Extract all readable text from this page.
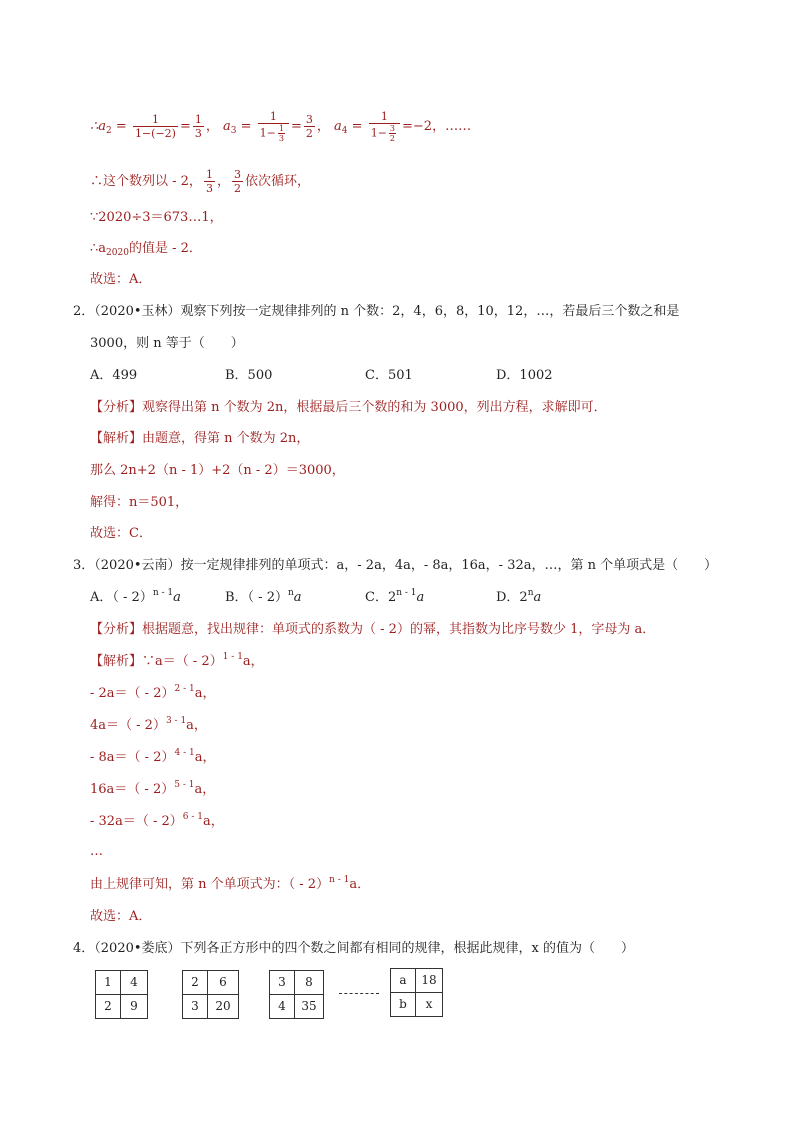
$\therefore a_2 = \frac{1}{1-(-2)} = \frac{1}{3}$ ， $a_3 = \frac{1}{1- \frac{1}{3}} = \frac{3}{2}$ ， $a_4 = \frac{1}{1- \frac{3}{2}} =-2$，……
∴这个数列以 - 2， $\frac{1}{3}$ ， $\frac{3}{2}$ 依次循环，
∵2020÷3＝673…1，
$\therefore a_{2020}$的值是 - 2．
故选：A．
2．（2020•玉林）观察下列按一定规律排列的 n 个数：2，4，6，8，10，12，…，若最后三个数之和是
3000，则 n 等于（　　）
A．499	B．500	C．501	D．1002
【分析】观察得出第 n 个数为 2n，根据最后三个数的和为 3000，列出方程，求解即可．
【解析】由题意，得第 n 个数为 2n，
那么 2n+2（n - 1）+2（n - 2）＝3000，
解得：n＝501，
故选：C．
3．（2020•云南）按一定规律排列的单项式：a，- 2a，4a，- 8a，16a，- 32a，…，第 n 个单项式是（　　）
A．（ - 2）$^{n - 1}$a	B．（ - 2）$^n$a	C．2$^{n - 1}$a	D．2$^n$a
【分析】根据题意，找出规律：单项式的系数为（ - 2）的幂，其指数为比序号数少 1，字母为 a．
【解析】∵a＝（ - 2）$^{1 - 1}$a，
- 2a＝（ - 2）$^{2 - 1}$a，
4a＝（ - 2）$^{3 - 1}$a，
- 8a＝（ - 2）$^{4 - 1}$a，
16a＝（ - 2）$^{5 - 1}$a，
- 32a＝（ - 2）$^{6 - 1}$a，
…
由上规律可知，第 n 个单项式为：（ - 2）$^{n - 1}$a．
故选：A．
4．（2020•娄底）下列各正方形中的四个数之间都有相同的规律，根据此规律，x 的值为（　　）
1	4
2	9
2	6
3	20
3	8
4	35
a	18
b	x
